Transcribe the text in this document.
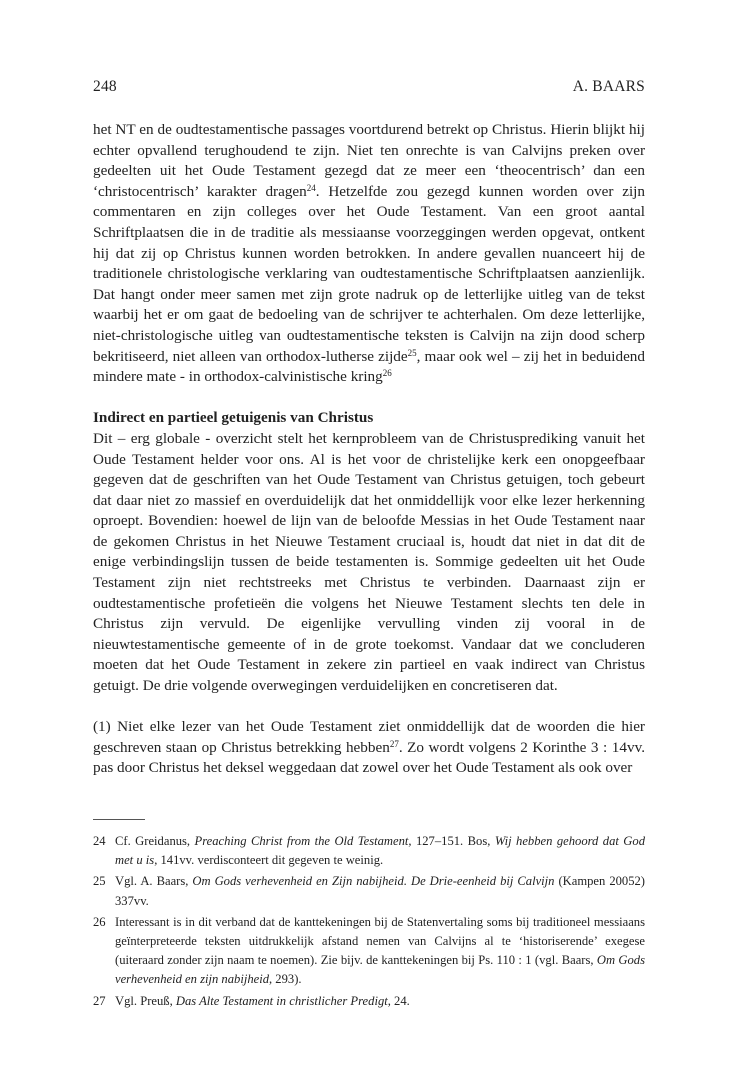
248	A. BAARS

het NT en de oudtestamentische passages voortdurend betrekt op Christus. Hierin blijkt hij echter opvallend terughoudend te zijn. Niet ten onrechte is van Calvijns preken over gedeelten uit het Oude Testament gezegd dat ze meer een ‘theocentrisch’ dan een ‘christocentrisch’ karakter dragen$^{24}$. Hetzelfde zou gezegd kunnen worden over zijn commentaren en zijn colleges over het Oude Testament. Van een groot aantal Schriftplaatsen die in de traditie als messiaanse voorzeggingen werden opgevat, ontkent hij dat zij op Christus kunnen worden betrokken. In andere gevallen nuanceert hij de traditionele christologische verklaring van oudtestamentische Schriftplaatsen aanzienlijk. Dat hangt onder meer samen met zijn grote nadruk op de letterlijke uitleg van de tekst waarbij het er om gaat de bedoeling van de schrijver te achterhalen. Om deze letterlijke, niet-christologische uitleg van oudtestamentische teksten is Calvijn na zijn dood scherp bekritiseerd, niet alleen van orthodox-lutherse zijde$^{25}$, maar ook wel – zij het in beduidend mindere mate - in orthodox-calvinistische kring$^{26}$

Indirect en partieel getuigenis van Christus
Dit – erg globale - overzicht stelt het kernprobleem van de Christusprediking vanuit het Oude Testament helder voor ons. Al is het voor de christelijke kerk een onopgeefbaar gegeven dat de geschriften van het Oude Testament van Christus getuigen, toch gebeurt dat daar niet zo massief en overduidelijk dat het onmiddellijk voor elke lezer herkenning oproept. Bovendien: hoewel de lijn van de beloofde Messias in het Oude Testament naar de gekomen Christus in het Nieuwe Testament cruciaal is, houdt dat niet in dat dit de enige verbindingslijn tussen de beide testamenten is. Sommige gedeelten uit het Oude Testament zijn niet rechtstreeks met Christus te verbinden. Daarnaast zijn er oudtestamentische profetieën die volgens het Nieuwe Testament slechts ten dele in Christus zijn vervuld. De eigenlijke vervulling vinden zij vooral in de nieuwtestamentische gemeente of in de grote toekomst. Vandaar dat we concluderen moeten dat het Oude Testament in zekere zin partieel en vaak indirect van Christus getuigt. De drie volgende overwegingen verduidelijken en concretiseren dat.

(1) Niet elke lezer van het Oude Testament ziet onmiddellijk dat de woorden die hier geschreven staan op Christus betrekking hebben$^{27}$. Zo wordt volgens 2 Korinthe 3 : 14vv. pas door Christus het deksel weggedaan dat zowel over het Oude Testament als ook over

24 Cf. Greidanus, Preaching Christ from the Old Testament, 127–151. Bos, Wij hebben gehoord dat God met u is, 141vv. verdisconteert dit gegeven te weinig.

25 Vgl. A. Baars, Om Gods verhevenheid en Zijn nabijheid. De Drie-eenheid bij Calvijn (Kampen 20052) 337vv.

26 Interessant is in dit verband dat de kanttekeningen bij de Statenvertaling soms bij traditioneel messiaans geïnterpreteerde teksten uitdrukkelijk afstand nemen van Calvijns al te ‘historiserende’ exegese (uiteraard zonder zijn naam te noemen). Zie bijv. de kanttekeningen bij Ps. 110 : 1 (vgl. Baars, Om Gods verhevenheid en zijn nabijheid, 293).

27 Vgl. Preuß, Das Alte Testament in christlicher Predigt, 24.
